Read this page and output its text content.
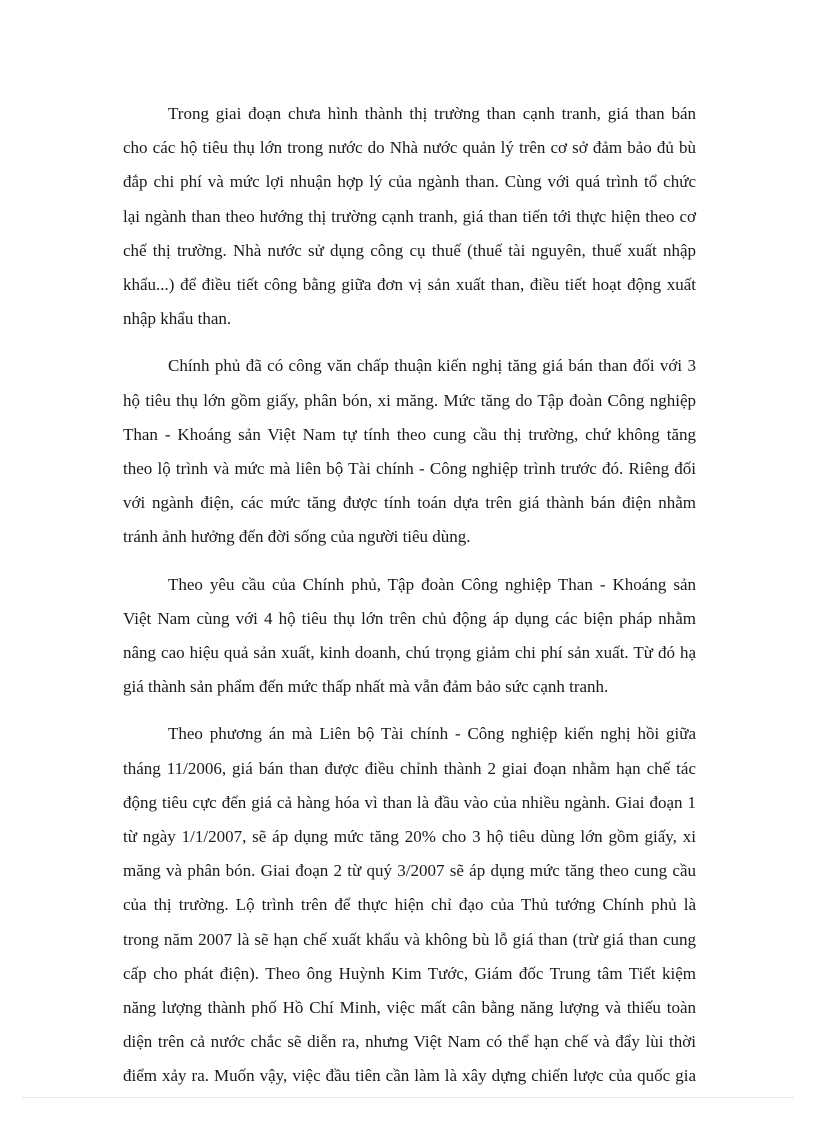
Trong giai đoạn chưa hình thành thị trường than cạnh tranh, giá than bán
cho các hộ tiêu thụ lớn trong nước do Nhà nước quản lý trên cơ sở đảm bảo đủ bù
đắp chi phí và mức lợi nhuận hợp lý của ngành than. Cùng với quá trình tổ chức
lại ngành than theo hướng thị trường cạnh tranh, giá than tiến tới thực hiện theo cơ
chế thị trường. Nhà nước sử dụng công cụ thuế (thuế tài nguyên, thuế xuất nhập
khẩu...) để điều tiết công bằng giữa đơn vị sản xuất than, điều tiết hoạt động xuất
nhập khẩu than.

Chính phủ đã có công văn chấp thuận kiến nghị tăng giá bán than đối với 3
hộ tiêu thụ lớn gồm giấy, phân bón, xi măng. Mức tăng do Tập đoàn Công nghiệp
Than - Khoáng sản Việt Nam tự tính theo cung cầu thị trường, chứ không tăng
theo lộ trình và mức mà liên bộ Tài chính - Công nghiệp trình trước đó. Riêng đối
với ngành điện, các mức tăng được tính toán dựa trên giá thành bán điện nhằm
tránh ảnh hưởng đến đời sống của người tiêu dùng.

Theo yêu cầu của Chính phủ, Tập đoàn Công nghiệp Than - Khoáng sản
Việt Nam cùng với 4 hộ tiêu thụ lớn trên chủ động áp dụng các biện pháp nhằm
nâng cao hiệu quả sản xuất, kinh doanh, chú trọng giảm chi phí sản xuất. Từ đó hạ
giá thành sản phẩm đến mức thấp nhất mà vẫn đảm bảo sức cạnh tranh.

Theo phương án mà Liên bộ Tài chính - Công nghiệp kiến nghị hồi giữa
tháng 11/2006, giá bán than được điều chỉnh thành 2 giai đoạn nhằm hạn chế tác
động tiêu cực đến giá cả hàng hóa vì than là đầu vào của nhiều ngành. Giai đoạn 1
từ ngày 1/1/2007, sẽ áp dụng mức tăng 20% cho 3 hộ tiêu dùng lớn gồm giấy, xi
măng và phân bón. Giai đoạn 2 từ quý 3/2007 sẽ áp dụng mức tăng theo cung cầu
của thị trường. Lộ trình trên để thực hiện chỉ đạo của Thủ tướng Chính phủ là
trong năm 2007 là sẽ hạn chế xuất khẩu và không bù lỗ giá than (trừ giá than cung
cấp cho phát điện). Theo ông Huỳnh Kim Tước, Giám đốc Trung tâm Tiết kiệm
năng lượng thành phố Hồ Chí Minh, việc mất cân bằng năng lượng và thiếu toàn
diện trên cả nước chắc sẽ diễn ra, nhưng Việt Nam có thể hạn chế và đẩy lùi thời
điểm xảy ra. Muốn vậy, việc đầu tiên cần làm là xây dựng chiến lược của quốc gia
